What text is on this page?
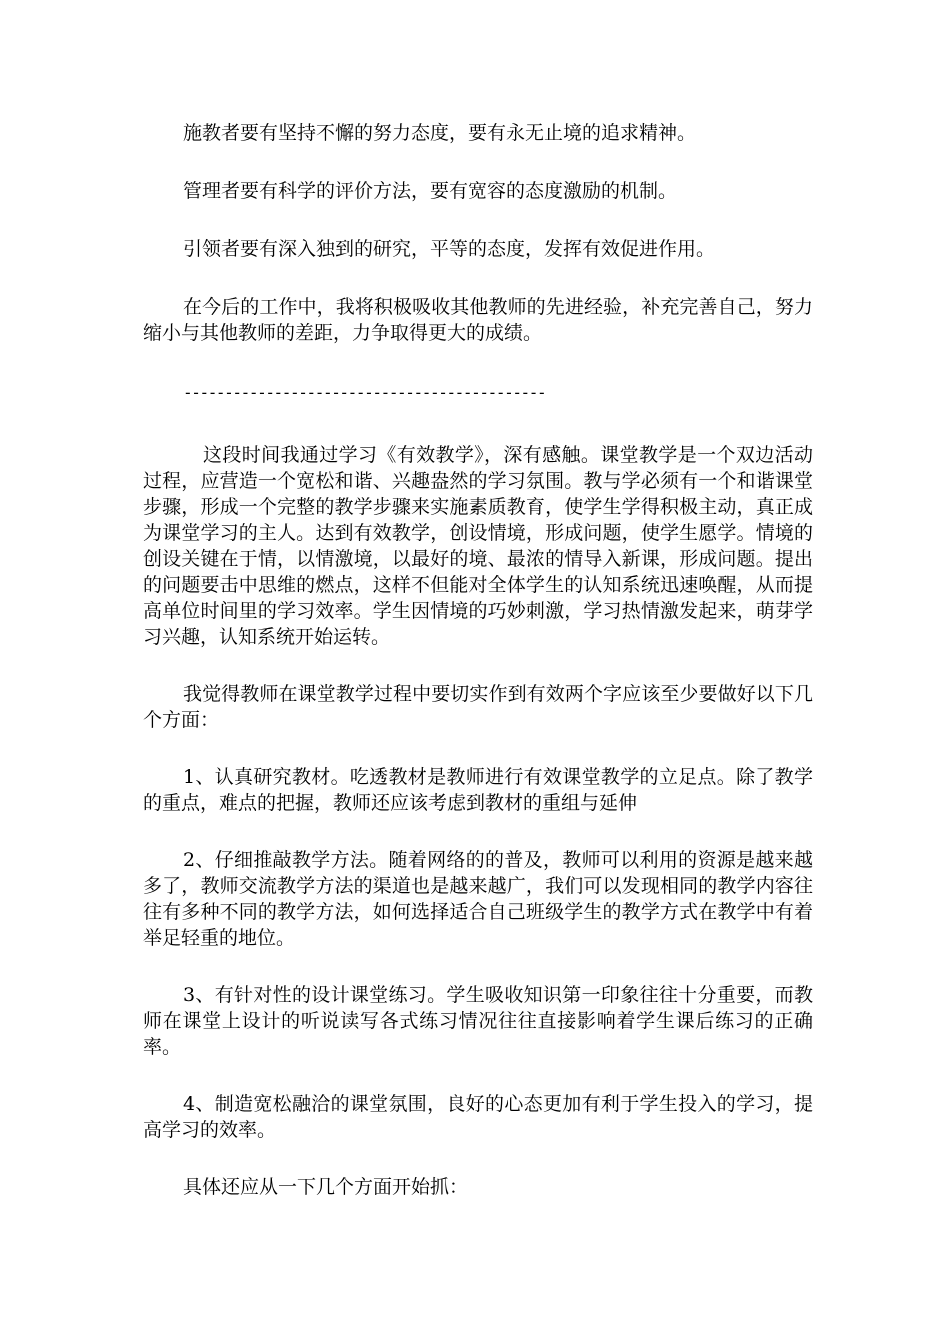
施教者要有坚持不懈的努力态度，要有永无止境的追求精神。

管理者要有科学的评价方法，要有宽容的态度激励的机制。

引领者要有深入独到的研究，平等的态度，发挥有效促进作用。

在今后的工作中，我将积极吸收其他教师的先进经验，补充完善自己，努力缩小与其他教师的差距，力争取得更大的成绩。

--------------------------------------------

这段时间我通过学习《有效教学》，深有感触。课堂教学是一个双边活动过程，应营造一个宽松和谐、兴趣盎然的学习氛围。教与学必须有一个和谐课堂步骤，形成一个完整的教学步骤来实施素质教育，使学生学得积极主动，真正成为课堂学习的主人。达到有效教学，创设情境，形成问题，使学生愿学。情境的创设关键在于情，以情激境，以最好的境、最浓的情导入新课，形成问题。提出的问题要击中思维的燃点，这样不但能对全体学生的认知系统迅速唤醒，从而提高单位时间里的学习效率。学生因情境的巧妙刺激，学习热情激发起来，萌芽学习兴趣，认知系统开始运转。

我觉得教师在课堂教学过程中要切实作到有效两个字应该至少要做好以下几个方面：

1、认真研究教材。吃透教材是教师进行有效课堂教学的立足点。除了教学的重点，难点的把握，教师还应该考虑到教材的重组与延伸

2、仔细推敲教学方法。随着网络的的普及，教师可以利用的资源是越来越多了，教师交流教学方法的渠道也是越来越广，我们可以发现相同的教学内容往往有多种不同的教学方法，如何选择适合自己班级学生的教学方式在教学中有着举足轻重的地位。

3、有针对性的设计课堂练习。学生吸收知识第一印象往往十分重要，而教师在课堂上设计的听说读写各式练习情况往往直接影响着学生课后练习的正确率。

4、制造宽松融洽的课堂氛围，良好的心态更加有利于学生投入的学习，提高学习的效率。

具体还应从一下几个方面开始抓：
